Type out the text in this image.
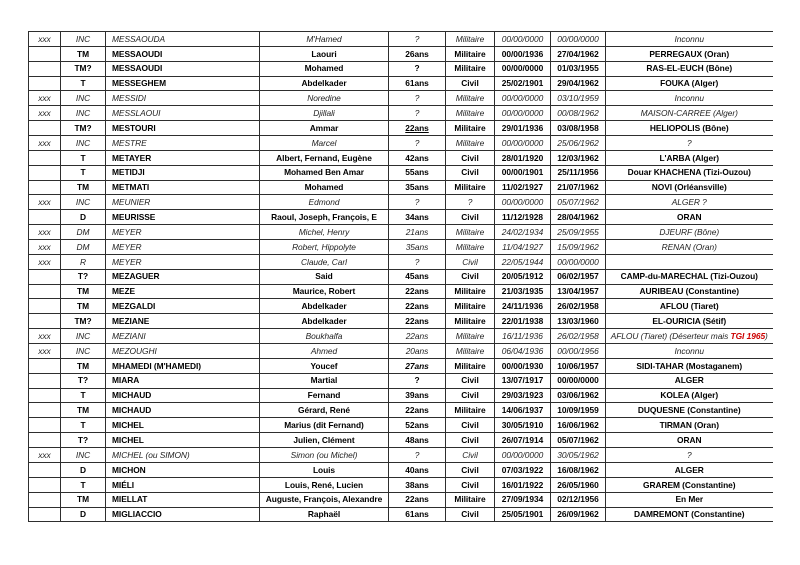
xxx	INC	MESSAOUDA	M'Hamed	?	Militaire	00/00/0000	00/00/0000	Inconnu
	TM	MESSAOUDI	Laouri	26ans	Militaire	00/00/1936	27/04/1962	PERREGAUX (Oran)
	TM?	MESSAOUDI	Mohamed	?	Militaire	00/00/0000	01/03/1955	RAS-EL-EUCH (Bône)
	T	MESSEGHEM	Abdelkader	61ans	Civil	25/02/1901	29/04/1962	FOUKA (Alger)
xxx	INC	MESSIDI	Noredine	?	Militaire	00/00/0000	03/10/1959	Inconnu
xxx	INC	MESSLAOUI	Djillali	?	Militaire	00/00/0000	00/08/1962	MAISON-CARREE (Alger)
	TM?	MESTOURI	Ammar	22ans	Militaire	29/01/1936	03/08/1958	HELIOPOLIS (Bône)
xxx	INC	MESTRE	Marcel	?	Militaire	00/00/0000	25/06/1962	?
	T	METAYER	Albert, Fernand, Eugène	42ans	Civil	28/01/1920	12/03/1962	L'ARBA (Alger)
	T	METIDJI	Mohamed Ben Amar	55ans	Civil	00/00/1901	25/11/1956	Douar KHACHENA (Tizi-Ouzou)
	TM	METMATI	Mohamed	35ans	Militaire	11/02/1927	21/07/1962	NOVI (Orléansville)
xxx	INC	MEUNIER	Edmond	?	?	00/00/0000	05/07/1962	ALGER ?
	D	MEURISSE	Raoul, Joseph, François, E	34ans	Civil	11/12/1928	28/04/1962	ORAN
xxx	DM	MEYER	Michel, Henry	21ans	Militaire	24/02/1934	25/09/1955	DJEURF (Bône)
xxx	DM	MEYER	Robert, Hippolyte	35ans	Militaire	11/04/1927	15/09/1962	RENAN (Oran)
xxx	R	MEYER	Claude, Carl	?	Civil	22/05/1944	00/00/0000	
	T?	MEZAGUER	Said	45ans	Civil	20/05/1912	06/02/1957	CAMP-du-MARECHAL (Tizi-Ouzou)
	TM	MEZE	Maurice, Robert	22ans	Militaire	21/03/1935	13/04/1957	AURIBEAU (Constantine)
	TM	MEZGALDI	Abdelkader	22ans	Militaire	24/11/1936	26/02/1958	AFLOU (Tiaret)
	TM?	MEZIANE	Abdelkader	22ans	Militaire	22/01/1938	13/03/1960	EL-OURICIA (Sétif)
xxx	INC	MEZIANI	Boukhalfa	22ans	Militaire	16/11/1936	26/02/1958	AFLOU (Tiaret) (Déserteur mais TGI 1965)
xxx	INC	MEZOUGHI	Ahmed	20ans	Militaire	06/04/1936	00/00/1956	Inconnu
	TM	MHAMEDI (M'HAMEDI)	Youcef	27ans	Militaire	00/00/1930	10/06/1957	SIDI-TAHAR (Mostaganem)
	T?	MIARA	Martial	?	Civil	13/07/1917	00/00/0000	ALGER
	T	MICHAUD	Fernand	39ans	Civil	29/03/1923	03/06/1962	KOLEA (Alger)
	TM	MICHAUD	Gérard, René	22ans	Militaire	14/06/1937	10/09/1959	DUQUESNE (Constantine)
	T	MICHEL	Marius (dit Fernand)	52ans	Civil	30/05/1910	16/06/1962	TIRMAN (Oran)
	T?	MICHEL	Julien, Clément	48ans	Civil	26/07/1914	05/07/1962	ORAN
xxx	INC	MICHEL (ou SIMON)	Simon (ou Michel)	?	Civil	00/00/0000	30/05/1962	?
	D	MICHON	Louis	40ans	Civil	07/03/1922	16/08/1962	ALGER
	T	MIÉLI	Louis, René, Lucien	38ans	Civil	16/01/1922	26/05/1960	GRAREM (Constantine)
	TM	MIELLAT	Auguste, François, Alexandre	22ans	Militaire	27/09/1934	02/12/1956	En Mer
	D	MIGLIACCIO	Raphaël	61ans	Civil	25/05/1901	26/09/1962	DAMREMONT (Constantine)
